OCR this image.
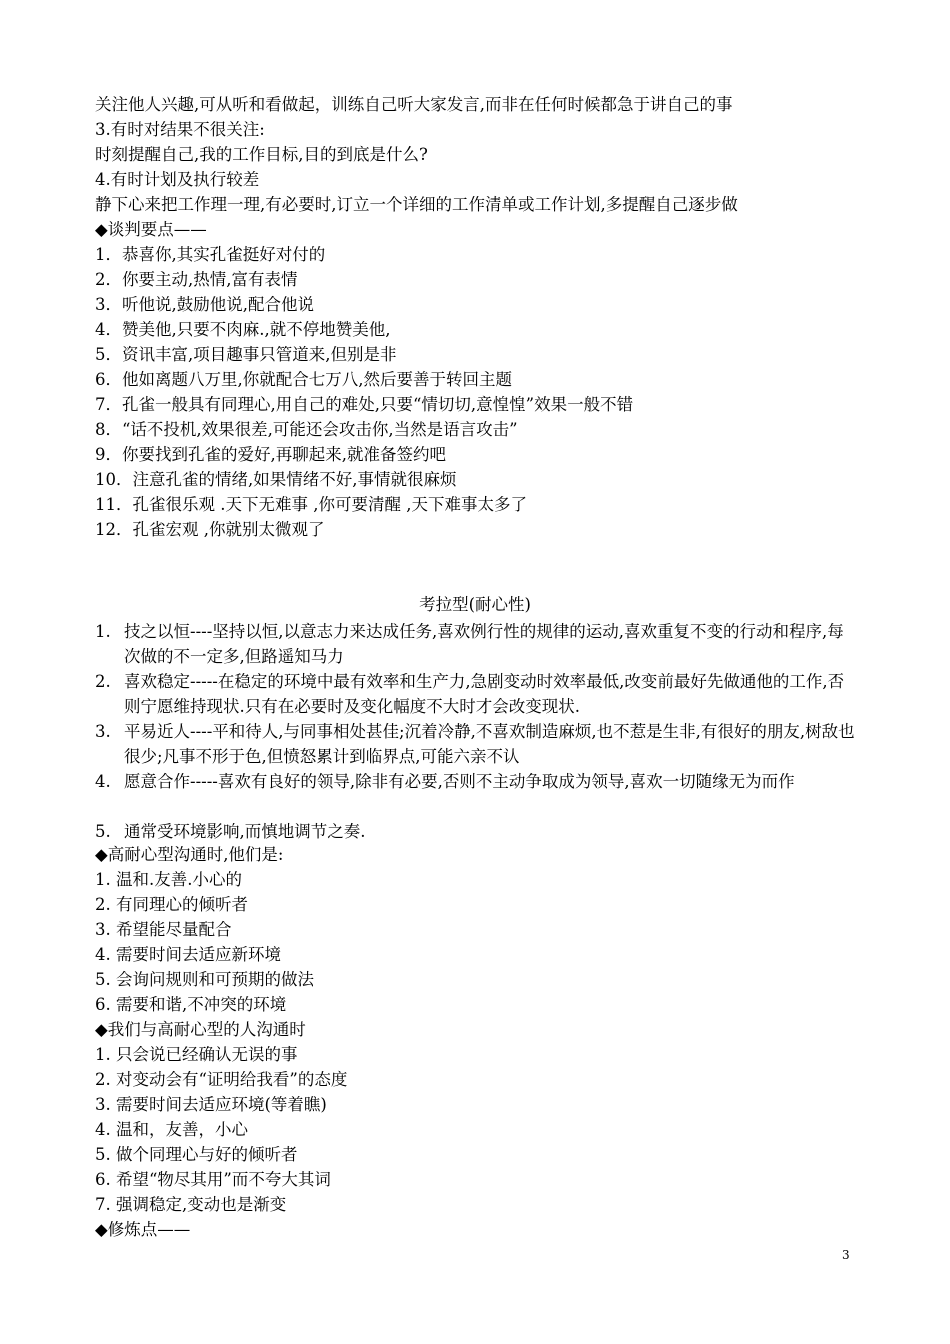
关注他人兴趣,可从听和看做起，训练自己听大家发言,而非在任何时候都急于讲自己的事
3.有时对结果不很关注:
时刻提醒自己,我的工作目标,目的到底是什么?
4.有时计划及执行较差
静下心来把工作理一理,有必要时,订立一个详细的工作清单或工作计划,多提醒自己逐步做
◆谈判要点——
1．恭喜你,其实孔雀挺好对付的
2．你要主动,热情,富有表情
3．听他说,鼓励他说,配合他说
4．赞美他,只要不肉麻.,就不停地赞美他,
5．资讯丰富,项目趣事只管道来,但别是非
6．他如离题八万里,你就配合七万八,然后要善于转回主题
7．孔雀一般具有同理心,用自己的难处,只要“情切切,意惶惶”效果一般不错
8．“话不投机,效果很差,可能还会攻击你,当然是语言攻击”
9．你要找到孔雀的爱好,再聊起来,就准备签约吧
10．注意孔雀的情绪,如果情绪不好,事情就很麻烦
11．孔雀很乐观 .天下无难事 ,你可要清醒 ,天下难事太多了
12．孔雀宏观 ,你就别太微观了
考拉型(耐心性)
1. 技之以恒----坚持以恒,以意志力来达成任务,喜欢例行性的规律的运动,喜欢重复不变的行动和程序,每次做的不一定多,但路遥知马力
2. 喜欢稳定-----在稳定的环境中最有效率和生产力,急剧变动时效率最低,改变前最好先做通他的工作,否则宁愿维持现状.只有在必要时及变化幅度不大时才会改变现状.
3. 平易近人----平和待人,与同事相处甚佳;沉着冷静,不喜欢制造麻烦,也不惹是生非,有很好的朋友,树敌也很少;凡事不形于色,但愤怒累计到临界点,可能六亲不认
4. 愿意合作-----喜欢有良好的领导,除非有必要,否则不主动争取成为领导,喜欢一切随缘无为而作
5. 通常受环境影响,而慎地调节之奏.
◆高耐心型沟通时,他们是:
1. 温和.友善.小心的
2. 有同理心的倾听者
3. 希望能尽量配合
4. 需要时间去适应新环境
5. 会询问规则和可预期的做法
6. 需要和谐,不冲突的环境
◆我们与高耐心型的人沟通时
1. 只会说已经确认无误的事
2. 对变动会有“证明给我看”的态度
3. 需要时间去适应环境(等着瞧)
4. 温和，友善，小心
5. 做个同理心与好的倾听者
6. 希望“物尽其用”而不夸大其词
7. 强调稳定,变动也是渐变
◆修炼点——
3
